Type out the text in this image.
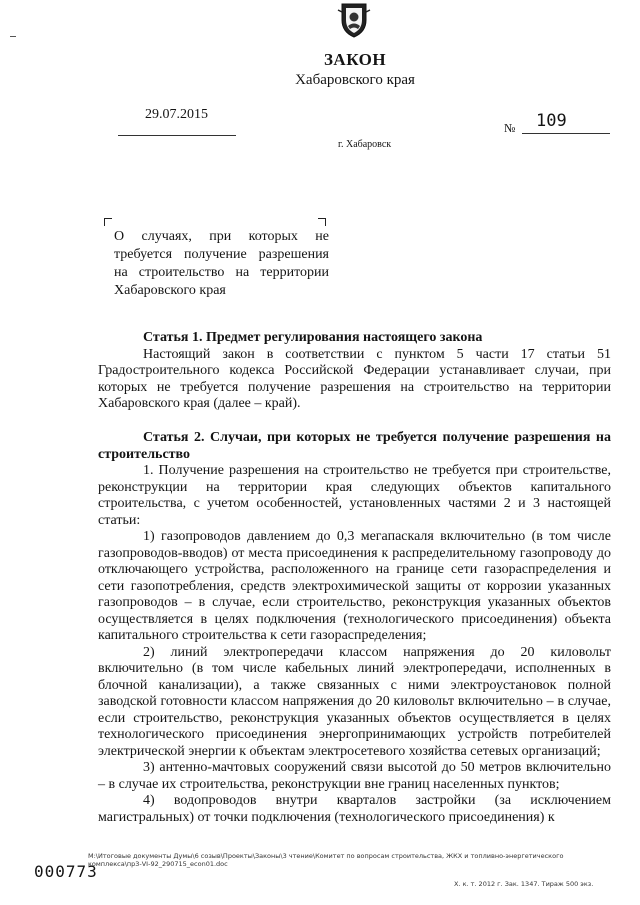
ЗАКОН
Хабаровского края
29.07.2015
№ 109
г. Хабаровск
О случаях, при которых не требуется получение разрешения на строительство на территории Хабаровского края

Статья 1. Предмет регулирования настоящего закона

Настоящий закон в соответствии с пунктом 5 части 17 статьи 51 Градостроительного кодекса Российской Федерации устанавливает случаи, при которых не требуется получение разрешения на строительство на территории Хабаровского края (далее – край).

Статья 2. Случаи, при которых не требуется получение разрешения на строительство

1. Получение разрешения на строительство не требуется при строительстве, реконструкции на территории края следующих объектов капитального строительства, с учетом особенностей, установленных частями 2 и 3 настоящей статьи:

1) газопроводов давлением до 0,3 мегапаскаля включительно (в том числе газопроводов-вводов) от места присоединения к распределительному газопроводу до отключающего устройства, расположенного на границе сети газораспределения и сети газопотребления, средств электрохимической защиты от коррозии указанных газопроводов – в случае, если строительство, реконструкция указанных объектов осуществляется в целях подключения (технологического присоединения) объекта капитального строительства к сети газораспределения;

2) линий электропередачи классом напряжения до 20 киловольт включительно (в том числе кабельных линий электропередачи, исполненных в блочной канализации), а также связанных с ними электроустановок полной заводской готовности классом напряжения до 20 киловольт включительно – в случае, если строительство, реконструкция указанных объектов осуществляется в целях технологического присоединения энергопринимающих устройств потребителей электрической энергии к объектам электросетевого хозяйства сетевых организаций;

3) антенно-мачтовых сооружений связи высотой до 50 метров включительно – в случае их строительства, реконструкции вне границ населенных пунктов;

4) водопроводов внутри кварталов застройки (за исключением магистральных) от точки подключения (технологического присоединения) к

M:\Итоговые документы Думы\6 созыв\Проекты\Законы\3 чтение\Комитет по вопросам строительства, ЖКХ и топливно-энергетического комплекса\пр3-VI-92_290715_econ01.doc
000773
Х. к. т. 2012 г. Зак. 1347. Тираж 500 экз.
